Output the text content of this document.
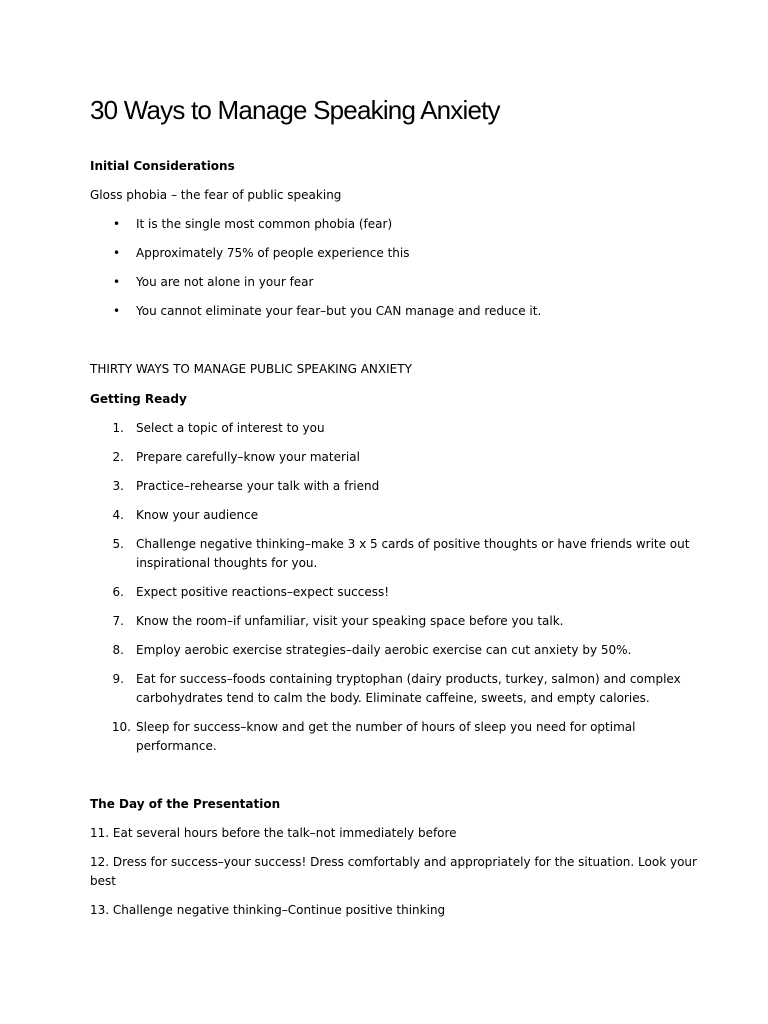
30 Ways to Manage Speaking Anxiety
Initial Considerations
Gloss phobia – the fear of public speaking
• It is the single most common phobia (fear)
• Approximately 75% of people experience this
• You are not alone in your fear
• You cannot eliminate your fear–but you CAN manage and reduce it.
THIRTY WAYS TO MANAGE PUBLIC SPEAKING ANXIETY
Getting Ready
1. Select a topic of interest to you
2. Prepare carefully–know your material
3. Practice–rehearse your talk with a friend
4. Know your audience
5. Challenge negative thinking–make 3 x 5 cards of positive thoughts or have friends write out
inspirational thoughts for you.
6. Expect positive reactions–expect success!
7. Know the room–if unfamiliar, visit your speaking space before you talk.
8. Employ aerobic exercise strategies–daily aerobic exercise can cut anxiety by 50%.
9. Eat for success–foods containing tryptophan (dairy products, turkey, salmon) and complex
carbohydrates tend to calm the body. Eliminate caffeine, sweets, and empty calories.
10. Sleep for success–know and get the number of hours of sleep you need for optimal
performance.
The Day of the Presentation
11. Eat several hours before the talk–not immediately before
12. Dress for success–your success! Dress comfortably and appropriately for the situation. Look your
best
13. Challenge negative thinking–Continue positive thinking
